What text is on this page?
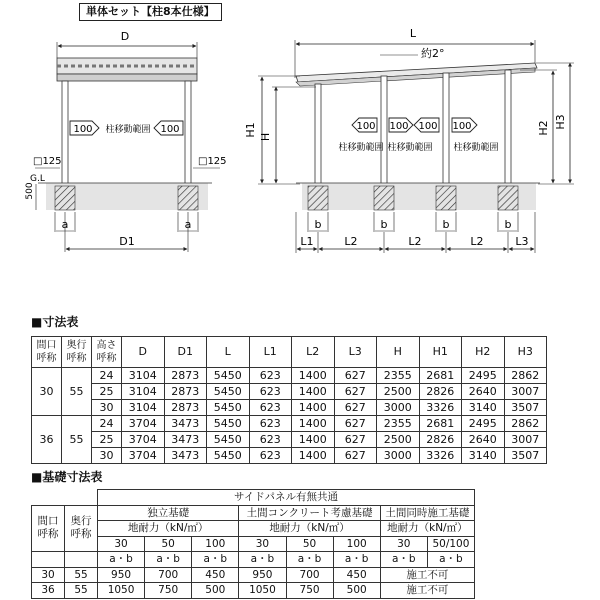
D
□125	□125
G.L
500
a	a
D1
100 柱移動範囲 100
L
約2°
H1 H
H2 H3
100
柱移動範囲
100 100
柱移動範囲
100
柱移動範囲
b	b	b	b
L1	L2	L2	L2	L3
単体セット【柱8本仕様】
■寸法表
間口
呼称	奥行
呼称	高さ
呼称	D	D1	L	L1	L2	L3	H	H1	H2	H3
30	55	24	3104	2873	5450	623	1400	627	2355	2681	2495	2862
		25	3104	2873	5450	623	1400	627	2500	2826	2640	3007
		30	3104	2873	5450	623	1400	627	3000	3326	3140	3507
36	55	24	3704	3473	5450	623	1400	627	2355	2681	2495	2862
		25	3704	3473	5450	623	1400	627	2500	2826	2640	3007
		30	3704	3473	5450	623	1400	627	3000	3326	3140	3507
■基礎寸法表
		サイドパネル有無共通							
間口
呼称	奥行
呼称	独立基礎			土間コンクリート考慮基礎			土間同時施工基礎	
		地耐力（kN/㎡）			地耐力（kN/㎡）			地耐力（kN/㎡）	
		30	50	100	30	50	100	30	50/100
		a・b	a・b	a・b	a・b	a・b	a・b	a・b	a・b
30	55	950	700	450	950	700	450	施工不可	
36	55	1050	750	500	1050	750	500	施工不可	
